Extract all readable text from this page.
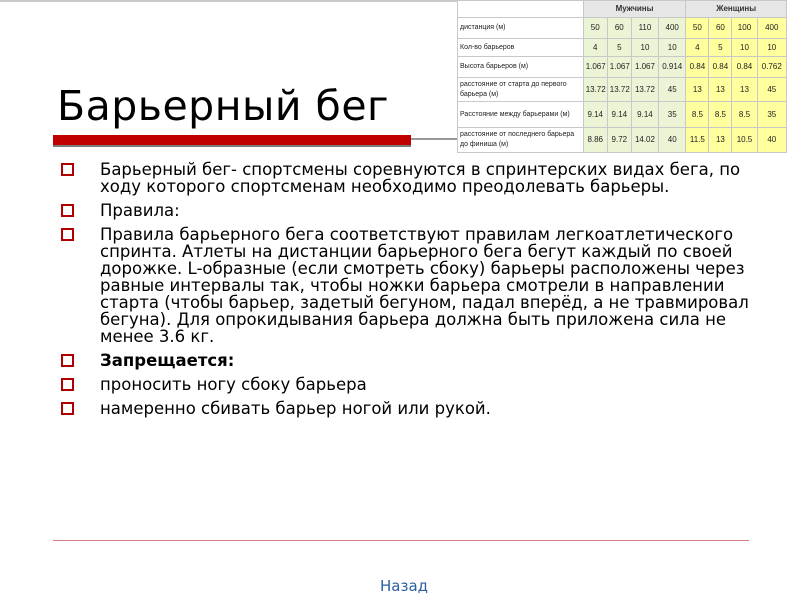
Барьерный бег
	Мужчины				Женщины			
дистанция (м)	50	60	110	400	50	60	100	400
Кол-во барьеров	4	5	10	10	4	5	10	10
Высота барьеров (м)	1.067	1.067	1.067	0.914	0.84	0.84	0.84	0.762
расстояние от старта до первого барьера (м)	13.72	13.72	13.72	45	13	13	13	45
Расстояние между барьерами (м)	9.14	9.14	9.14	35	8.5	8.5	8.5	35
расстояние от последнего барьера до финиша (м)	8.86	9.72	14.02	40	11.5	13	10.5	40
Барьерный бег- спортсмены соревнуются в спринтерских видах бега, по ходу которого спортсменам необходимо преодолевать барьеры.
Правила:
Правила барьерного бега соответствуют правилам легкоатлетического спринта. Атлеты на дистанции барьерного бега бегут каждый по своей дорожке. L-образные (если смотреть сбоку) барьеры расположены через равные интервалы так, чтобы ножки барьера смотрели в направлении старта (чтобы барьер, задетый бегуном, падал вперёд, а не травмировал бегуна). Для опрокидывания барьера должна быть приложена сила не менее 3.6 кг.
Запрещается:
проносить ногу сбоку барьера
намеренно сбивать барьер ногой или рукой.
Назад
